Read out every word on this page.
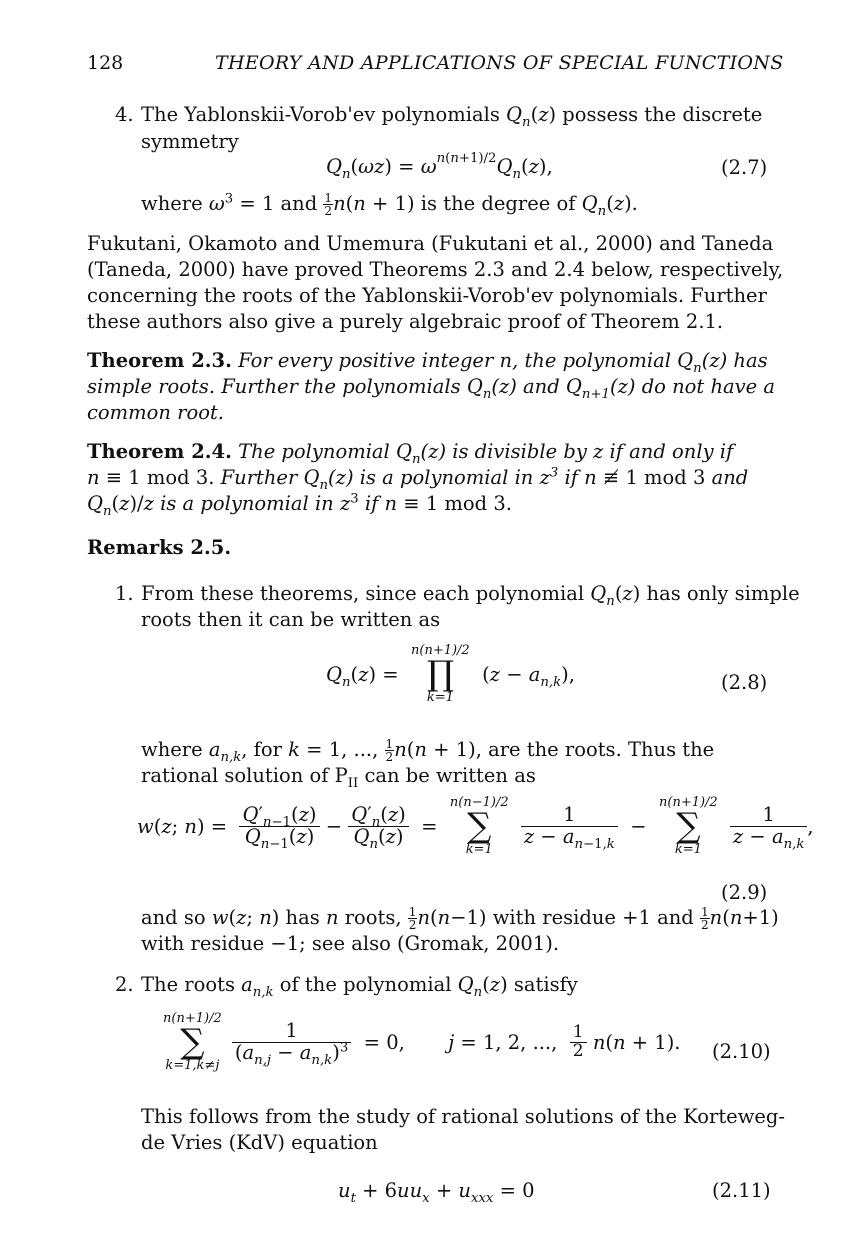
128	THEORY AND APPLICATIONS OF SPECIAL FUNCTIONS
4. The Yablonskii-Vorob'ev polynomials $Q_n(z)$ possess the discrete
symmetry
$Q_n(\omega z) = \omega^{n(n+1)/2}Q_n(z)$,	(2.7)
where $\omega^3 = 1$ and $\frac{1}{2} n(n + 1)$ is the degree of $Q_n(z)$.
Fukutani, Okamoto and Umemura (Fukutani et al., 2000) and Taneda
(Taneda, 2000) have proved Theorems 2.3 and 2.4 below, respectively,
concerning the roots of the Yablonskii-Vorob'ev polynomials. Further
these authors also give a purely algebraic proof of Theorem 2.1.
Theorem 2.3. For every positive integer n, the polynomial $Q_n(z)$ has
simple roots. Further the polynomials $Q_n(z)$ and $Q_{n+1}(z)$ do not have a
common root.
Theorem 2.4. The polynomial $Q_n(z)$ is divisible by z if and only if
n ≡ 1 mod 3. Further $Q_n(z)$ is a polynomial in $z^3$ if n ≢ 1 mod 3 and
$Q_n(z)/z$ is a polynomial in $z^3$ if n ≡ 1 mod 3.
Remarks 2.5.
1. From these theorems, since each polynomial $Q_n(z)$ has only simple
roots then it can be written as
$Q_n(z)$ =
n(n+1)/2
∏
k=1
$(z - a_{n,k})$,	(2.8)
where $a_{n,k}$, for k = 1, ..., $\frac{1}{2} n(n + 1)$, are the roots. Thus the
rational solution of $P_{II}$ can be written as
w(z; $n) = \frac{Q'_{n-1}(z)}{Q_{n-1}(z)} - \frac{Q'_n(z)}{Q_n(z)}$ =
n(n−1)/2
∑
k=1

$\frac{1}{z - a_{n-1,k}}$ −
n(n+1)/2
∑
k=1

$\frac{1}{z - a_{n,k}}$ ,
(2.9)
and so w(z; n) has n roots, $\frac{1}{2} n(n-1)$ with residue +1 and $\frac{1}{2} n(n+1)$
with residue −1; see also (Gromak, 2001).
2. The roots $a_{n,k}$ of the polynomial $Q_n(z)$ satisfy
n(n+1)/2
∑
k=1,k≠j

$\frac{1}{(a_{n,j} - a_{n,k})^3} = 0$,       j = 1, 2, ..., $\frac{1}{2} n(n + 1)$. (2.10)
This follows from the study of rational solutions of the Korteweg-
de Vries (KdV) equation
$u_t + 6uu_x + u_{xxx} = 0$	(2.11)
